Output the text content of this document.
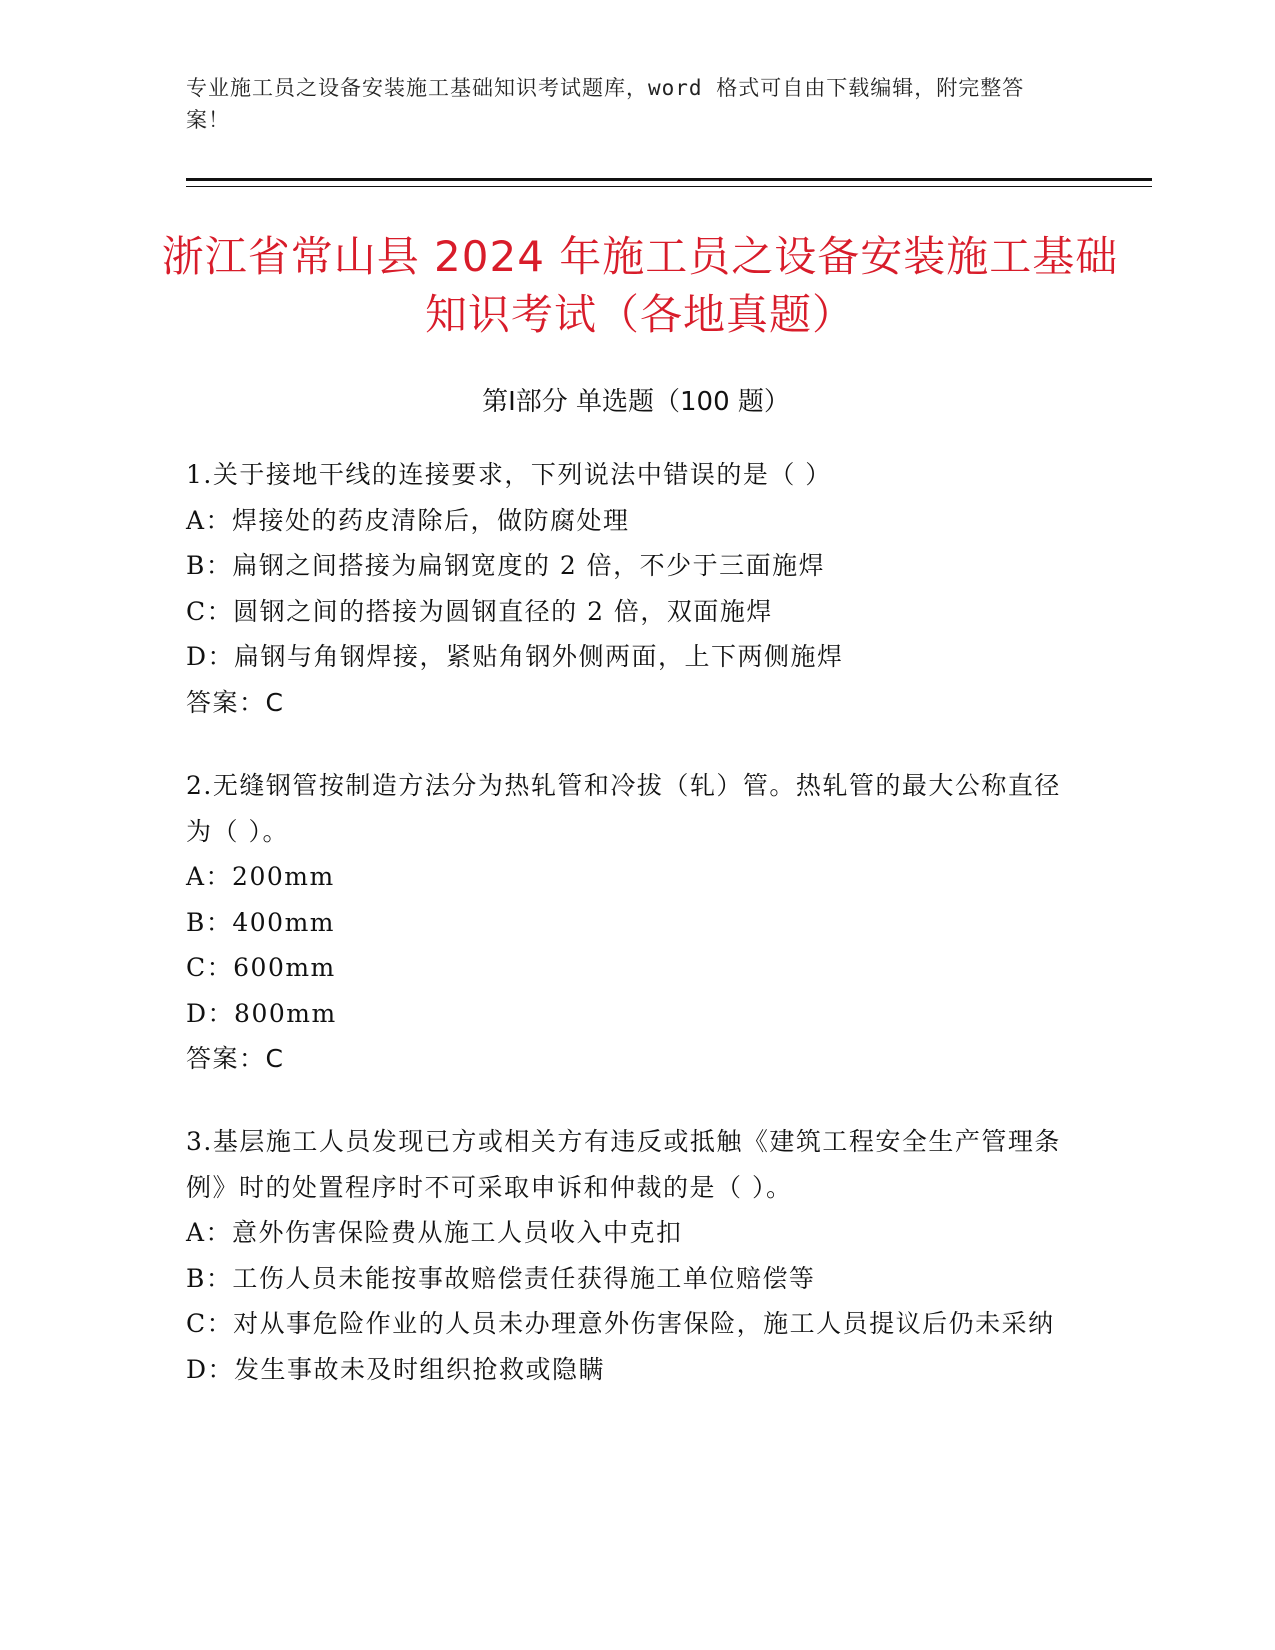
专业施工员之设备安装施工基础知识考试题库，word 格式可自由下载编辑，附完整答案！
浙江省常山县 2024 年施工员之设备安装施工基础知识考试（各地真题）
第Ⅰ部分 单选题（100 题）
1.关于接地干线的连接要求，下列说法中错误的是（ ）
A：焊接处的药皮清除后，做防腐处理
B：扁钢之间搭接为扁钢宽度的 2 倍，不少于三面施焊
C：圆钢之间的搭接为圆钢直径的 2 倍，双面施焊
D：扁钢与角钢焊接，紧贴角钢外侧两面，上下两侧施焊
答案：C
2.无缝钢管按制造方法分为热轧管和冷拔（轧）管。热轧管的最大公称直径为（ ）。
A：200mm
B：400mm
C：600mm
D：800mm
答案：C
3.基层施工人员发现已方或相关方有违反或抵触《建筑工程安全生产管理条例》时的处置程序时不可采取申诉和仲裁的是（ ）。
A：意外伤害保险费从施工人员收入中克扣
B：工伤人员未能按事故赔偿责任获得施工单位赔偿等
C：对从事危险作业的人员未办理意外伤害保险，施工人员提议后仍未采纳
D：发生事故未及时组织抢救或隐瞒
